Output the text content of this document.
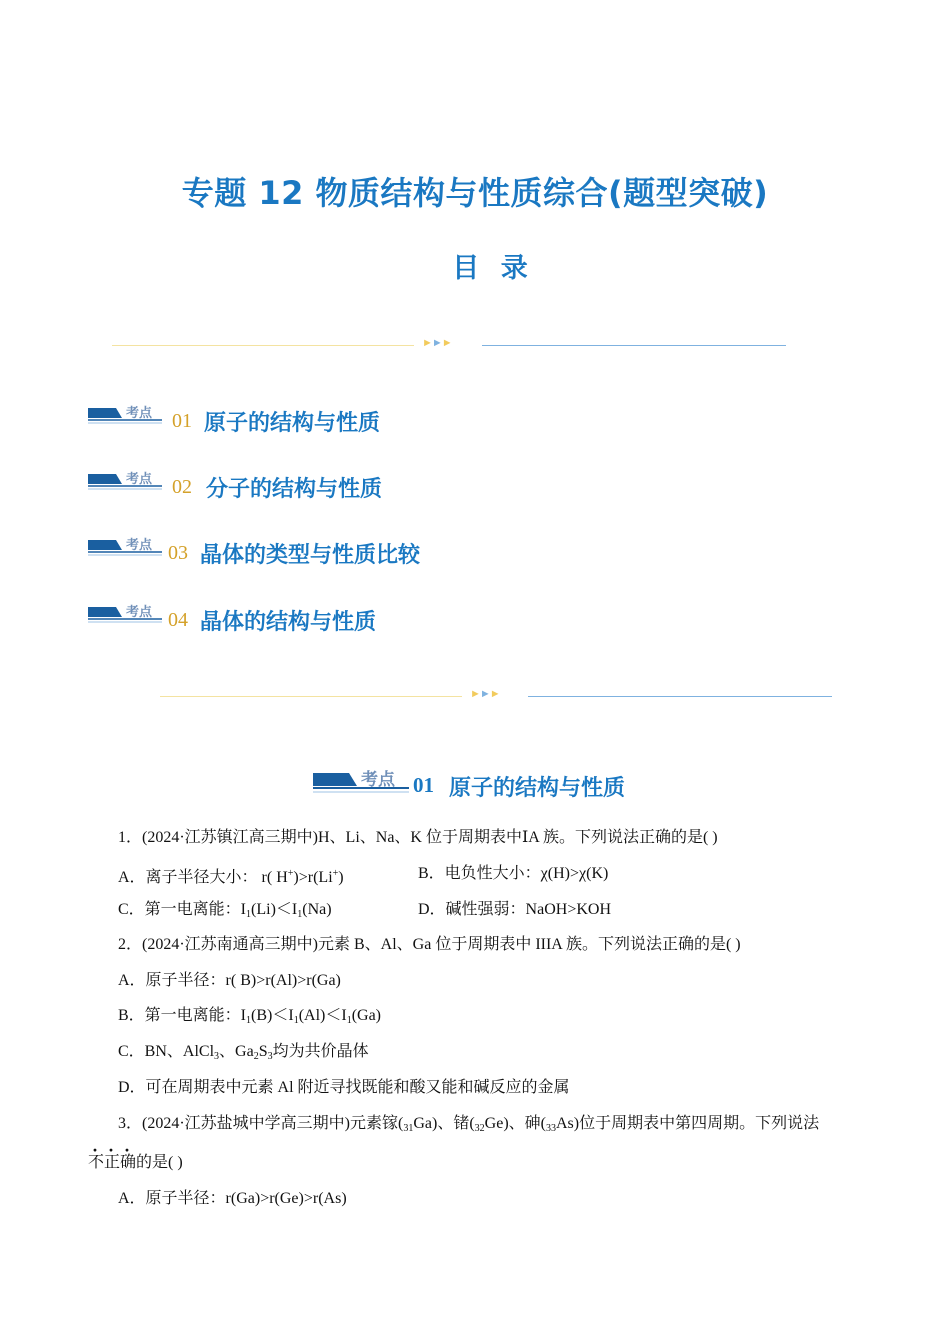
专题 12 物质结构与性质综合(题型突破)
目 录
►►►
考点 01 原子的结构与性质
考点 02 分子的结构与性质
考点 03 晶体的类型与性质比较
考点 04 晶体的结构与性质
►►►
考点 01 原子的结构与性质
1．(2024·江苏镇江高三期中)H、Li、Na、K 位于周期表中ⅠA 族。下列说法正确的是( )
A．离子半径大小： r( H+)>r(Li+)	B．电负性大小：χ(H)>χ(K)
C．第一电离能：$I_1(Li)<I_1(Na)$	D．碱性强弱：NaOH>KOH
2．(2024·江苏南通高三期中)元素 B、Al、Ga 位于周期表中 IIIA 族。下列说法正确的是( )
A．原子半径：r( B)>r(Al)>r(Ga)
B．第一电离能：$I_1(B)<I_1(Al)<I_1(Ga)$
C．BN、AlCl$_3$、$Ga_2S_3$均为共价晶体
D．可在周期表中元素 Al 附近寻找既能和酸又能和碱反应的金属
3．(2024·江苏盐城中学高三期中)元素镓$(_{31}Ga)$、锗$(_{32}Ge)$、砷$(_{33}As)$位于周期表中第四周期。下列说法
不正确的是( )
A．原子半径：r(Ga)>r(Ge)>r(As)
